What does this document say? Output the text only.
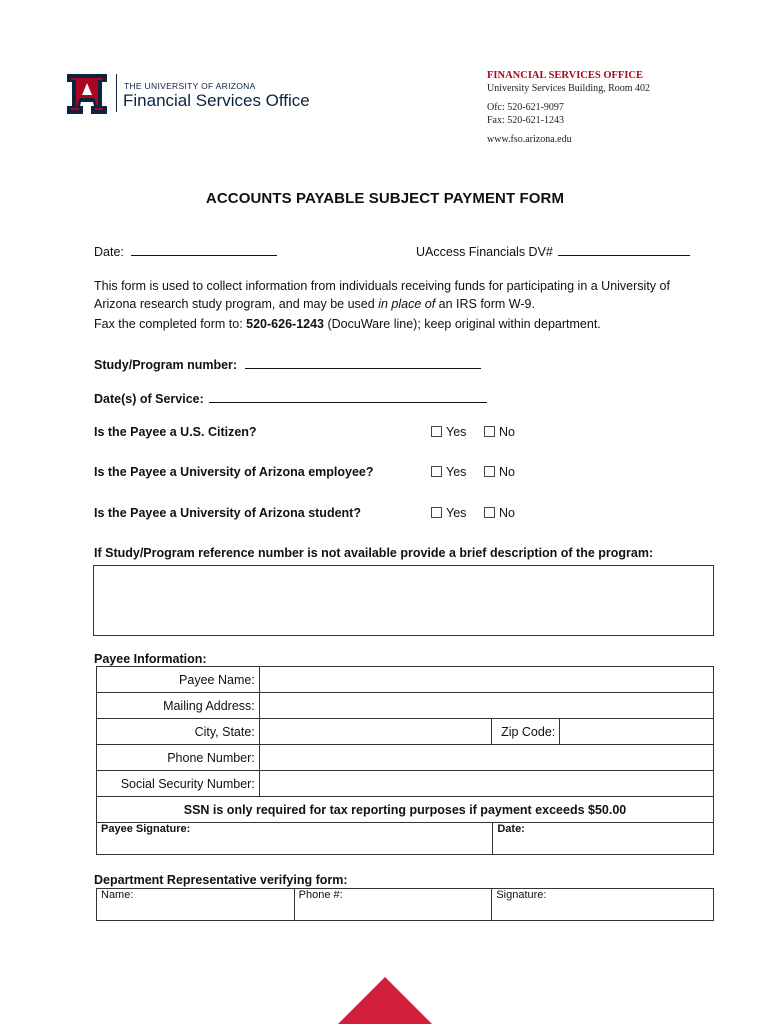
THE UNIVERSITY OF ARIZONA
Financial Services Office
FINANCIAL SERVICES OFFICE
University Services Building, Room 402
Ofc: 520-621-9097
Fax: 520-621-1243
www.fso.arizona.edu
ACCOUNTS PAYABLE SUBJECT PAYMENT FORM
Date:	UAccess Financials DV#
This form is used to collect information from individuals receiving funds for participating in a University of Arizona research study program, and may be used in place of an IRS form W-9.
Fax the completed form to: 520-626-1243 (DocuWare line); keep original within department.
Study/Program number:
Date(s) of Service:
Is the Payee a U.S. Citizen?	Yes	No
Is the Payee a University of Arizona employee?	Yes	No
Is the Payee a University of Arizona student?	Yes	No
If Study/Program reference number is not available provide a brief description of the program:
Payee Information:
Payee Name:			
Mailing Address:			
City, State:		Zip Code:	
Phone Number:			
Social Security Number:			
SSN is only required for tax reporting purposes if payment exceeds $50.00			
Payee Signature:	Date:
Department Representative verifying form:
Name:	Phone #:	Signature:
